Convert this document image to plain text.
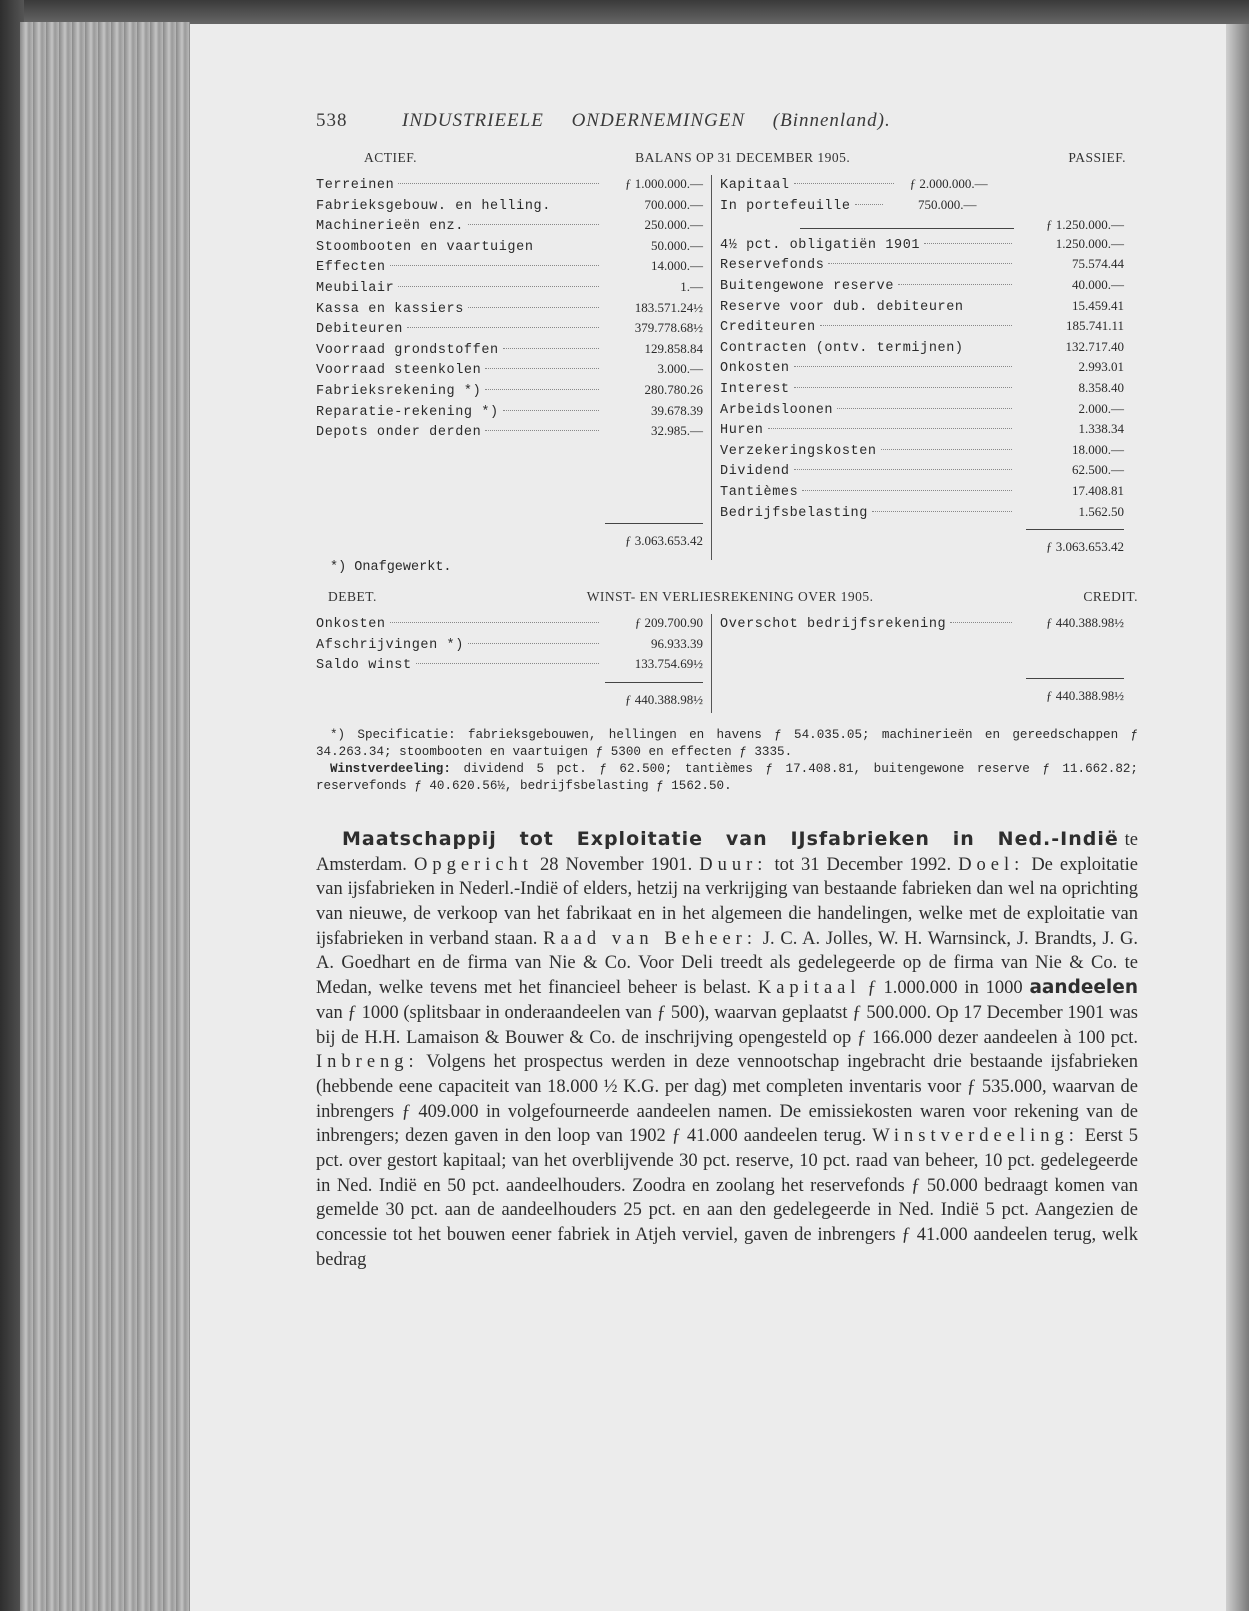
538	INDUSTRIEELE ONDERNEMINGEN (Binnenland).
ACTIEF.	BALANS OP 31 DECEMBER 1905.	PASSIEF.
Terreinen	ƒ 1.000.000.—
Fabrieksgebouw. en helling.	700.000.—
Machinerieën enz.	250.000.—
Stoombooten en vaartuigen	50.000.—
Effecten	14.000.—
Meubilair	1.—
Kassa en kassiers	183.571.24½
Debiteuren	379.778.68½
Voorraad grondstoffen	129.858.84
Voorraad steenkolen	3.000.—
Fabrieksrekening *)	280.780.26
Reparatie-rekening *)	39.678.39
Depots onder derden	32.985.—
ƒ 3.063.653.42
Kapitaal	ƒ 2.000.000.—
In portefeuille	750.000.—
ƒ 1.250.000.—
4½ pct. obligatiën 1901	1.250.000.—
Reservefonds	75.574.44
Buitengewone reserve	40.000.—
Reserve voor dub. debiteuren	15.459.41
Crediteuren	185.741.11
Contracten (ontv. termijnen)	132.717.40
Onkosten	2.993.01
Interest	8.358.40
Arbeidsloonen	2.000.—
Huren	1.338.34
Verzekeringskosten	18.000.—
Dividend	62.500.—
Tantièmes	17.408.81
Bedrijfsbelasting	1.562.50
ƒ 3.063.653.42
*) Onafgewerkt.
DEBET.	WINST- EN VERLIESREKENING OVER 1905.	CREDIT.
Onkosten	ƒ 209.700.90
Afschrijvingen *)	96.933.39
Saldo winst	133.754.69½
ƒ 440.388.98½
Overschot bedrijfsrekening	ƒ 440.388.98½
ƒ 440.388.98½

*) Specificatie: fabrieksgebouwen, hellingen en havens ƒ 54.035.05; machinerieën en gereedschappen ƒ 34.263.34; stoombooten en vaartuigen ƒ 5300 en effecten ƒ 3335.

Winstverdeeling: dividend 5 pct. ƒ 62.500; tantièmes ƒ 17.408.81, buitengewone reserve ƒ 11.662.82; reservefonds ƒ 40.620.56½, bedrijfsbelasting ƒ 1562.50.

Maatschappij tot Exploitatie van IJsfabrieken in Ned.-Indië te Amsterdam. Opgericht 28 November 1901. Duur: tot 31 December 1992. Doel: De exploitatie van ijsfabrieken in Nederl.-Indië of elders, hetzij na verkrijging van bestaande fabrieken dan wel na oprichting van nieuwe, de verkoop van het fabrikaat en in het algemeen die handelingen, welke met de exploitatie van ijsfabrieken in verband staan. Raad van Beheer: J. C. A. Jolles, W. H. Warnsinck, J. Brandts, J. G. A. Goedhart en de firma van Nie & Co. Voor Deli treedt als gedelegeerde op de firma van Nie & Co. te Medan, welke tevens met het financieel beheer is belast. Kapitaal ƒ 1.000.000 in 1000 aandeelen van ƒ 1000 (splitsbaar in onderaandeelen van ƒ 500), waarvan geplaatst ƒ 500.000. Op 17 December 1901 was bij de H.H. Lamaison & Bouwer & Co. de inschrijving opengesteld op ƒ 166.000 dezer aandeelen à 100 pct. Inbreng: Volgens het prospectus werden in deze vennootschap ingebracht drie bestaande ijsfabrieken (hebbende eene capaciteit van 18.000 ½ K.G. per dag) met completen inventaris voor ƒ 535.000, waarvan de inbrengers ƒ 409.000 in volgefourneerde aandeelen namen. De emissiekosten waren voor rekening van de inbrengers; dezen gaven in den loop van 1902 ƒ 41.000 aandeelen terug. Winstverdeeling: Eerst 5 pct. over gestort kapitaal; van het overblijvende 30 pct. reserve, 10 pct. raad van beheer, 10 pct. gedelegeerde in Ned. Indië en 50 pct. aandeelhouders. Zoodra en zoolang het reservefonds ƒ 50.000 bedraagt komen van gemelde 30 pct. aan de aandeelhouders 25 pct. en aan den gedelegeerde in Ned. Indië 5 pct. Aangezien de concessie tot het bouwen eener fabriek in Atjeh verviel, gaven de inbrengers ƒ 41.000 aandeelen terug, welk bedrag
